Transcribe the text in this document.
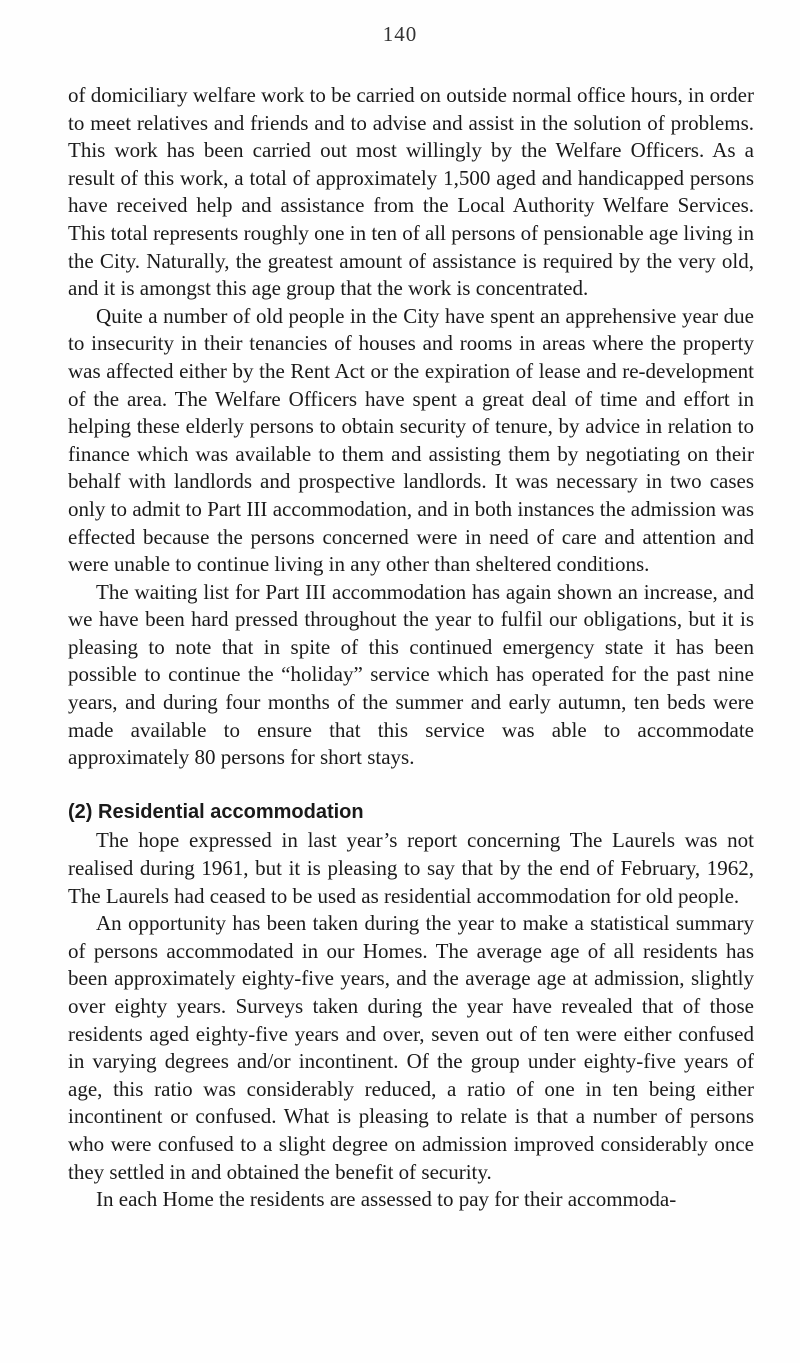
140

of domiciliary welfare work to be carried on outside normal office hours, in order to meet relatives and friends and to advise and assist in the solution of problems. This work has been carried out most willingly by the Welfare Officers. As a result of this work, a total of approximately 1,500 aged and handicapped persons have received help and assistance from the Local Authority Welfare Services. This total represents roughly one in ten of all persons of pensionable age living in the City. Naturally, the greatest amount of assistance is required by the very old, and it is amongst this age group that the work is concentrated.

Quite a number of old people in the City have spent an apprehensive year due to insecurity in their tenancies of houses and rooms in areas where the property was affected either by the Rent Act or the expiration of lease and re-development of the area. The Welfare Officers have spent a great deal of time and effort in helping these elderly persons to obtain security of tenure, by advice in relation to finance which was available to them and assisting them by negotiating on their behalf with landlords and prospective landlords. It was necessary in two cases only to admit to Part III accommodation, and in both instances the admission was effected because the persons concerned were in need of care and attention and were unable to continue living in any other than sheltered conditions.

The waiting list for Part III accommodation has again shown an increase, and we have been hard pressed throughout the year to fulfil our obligations, but it is pleasing to note that in spite of this continued emergency state it has been possible to continue the “holiday” service which has operated for the past nine years, and during four months of the summer and early autumn, ten beds were made available to ensure that this service was able to accommodate approximately 80 persons for short stays.

(2) Residential accommodation

The hope expressed in last year’s report concerning The Laurels was not realised during 1961, but it is pleasing to say that by the end of February, 1962, The Laurels had ceased to be used as residential accommodation for old people.

An opportunity has been taken during the year to make a statistical summary of persons accommodated in our Homes. The average age of all residents has been approximately eighty-five years, and the average age at admission, slightly over eighty years. Surveys taken during the year have revealed that of those residents aged eighty-five years and over, seven out of ten were either confused in varying degrees and/or incontinent. Of the group under eighty-five years of age, this ratio was considerably reduced, a ratio of one in ten being either incontinent or confused. What is pleasing to relate is that a number of persons who were confused to a slight degree on admission improved considerably once they settled in and obtained the benefit of security.

In each Home the residents are assessed to pay for their accommoda-
